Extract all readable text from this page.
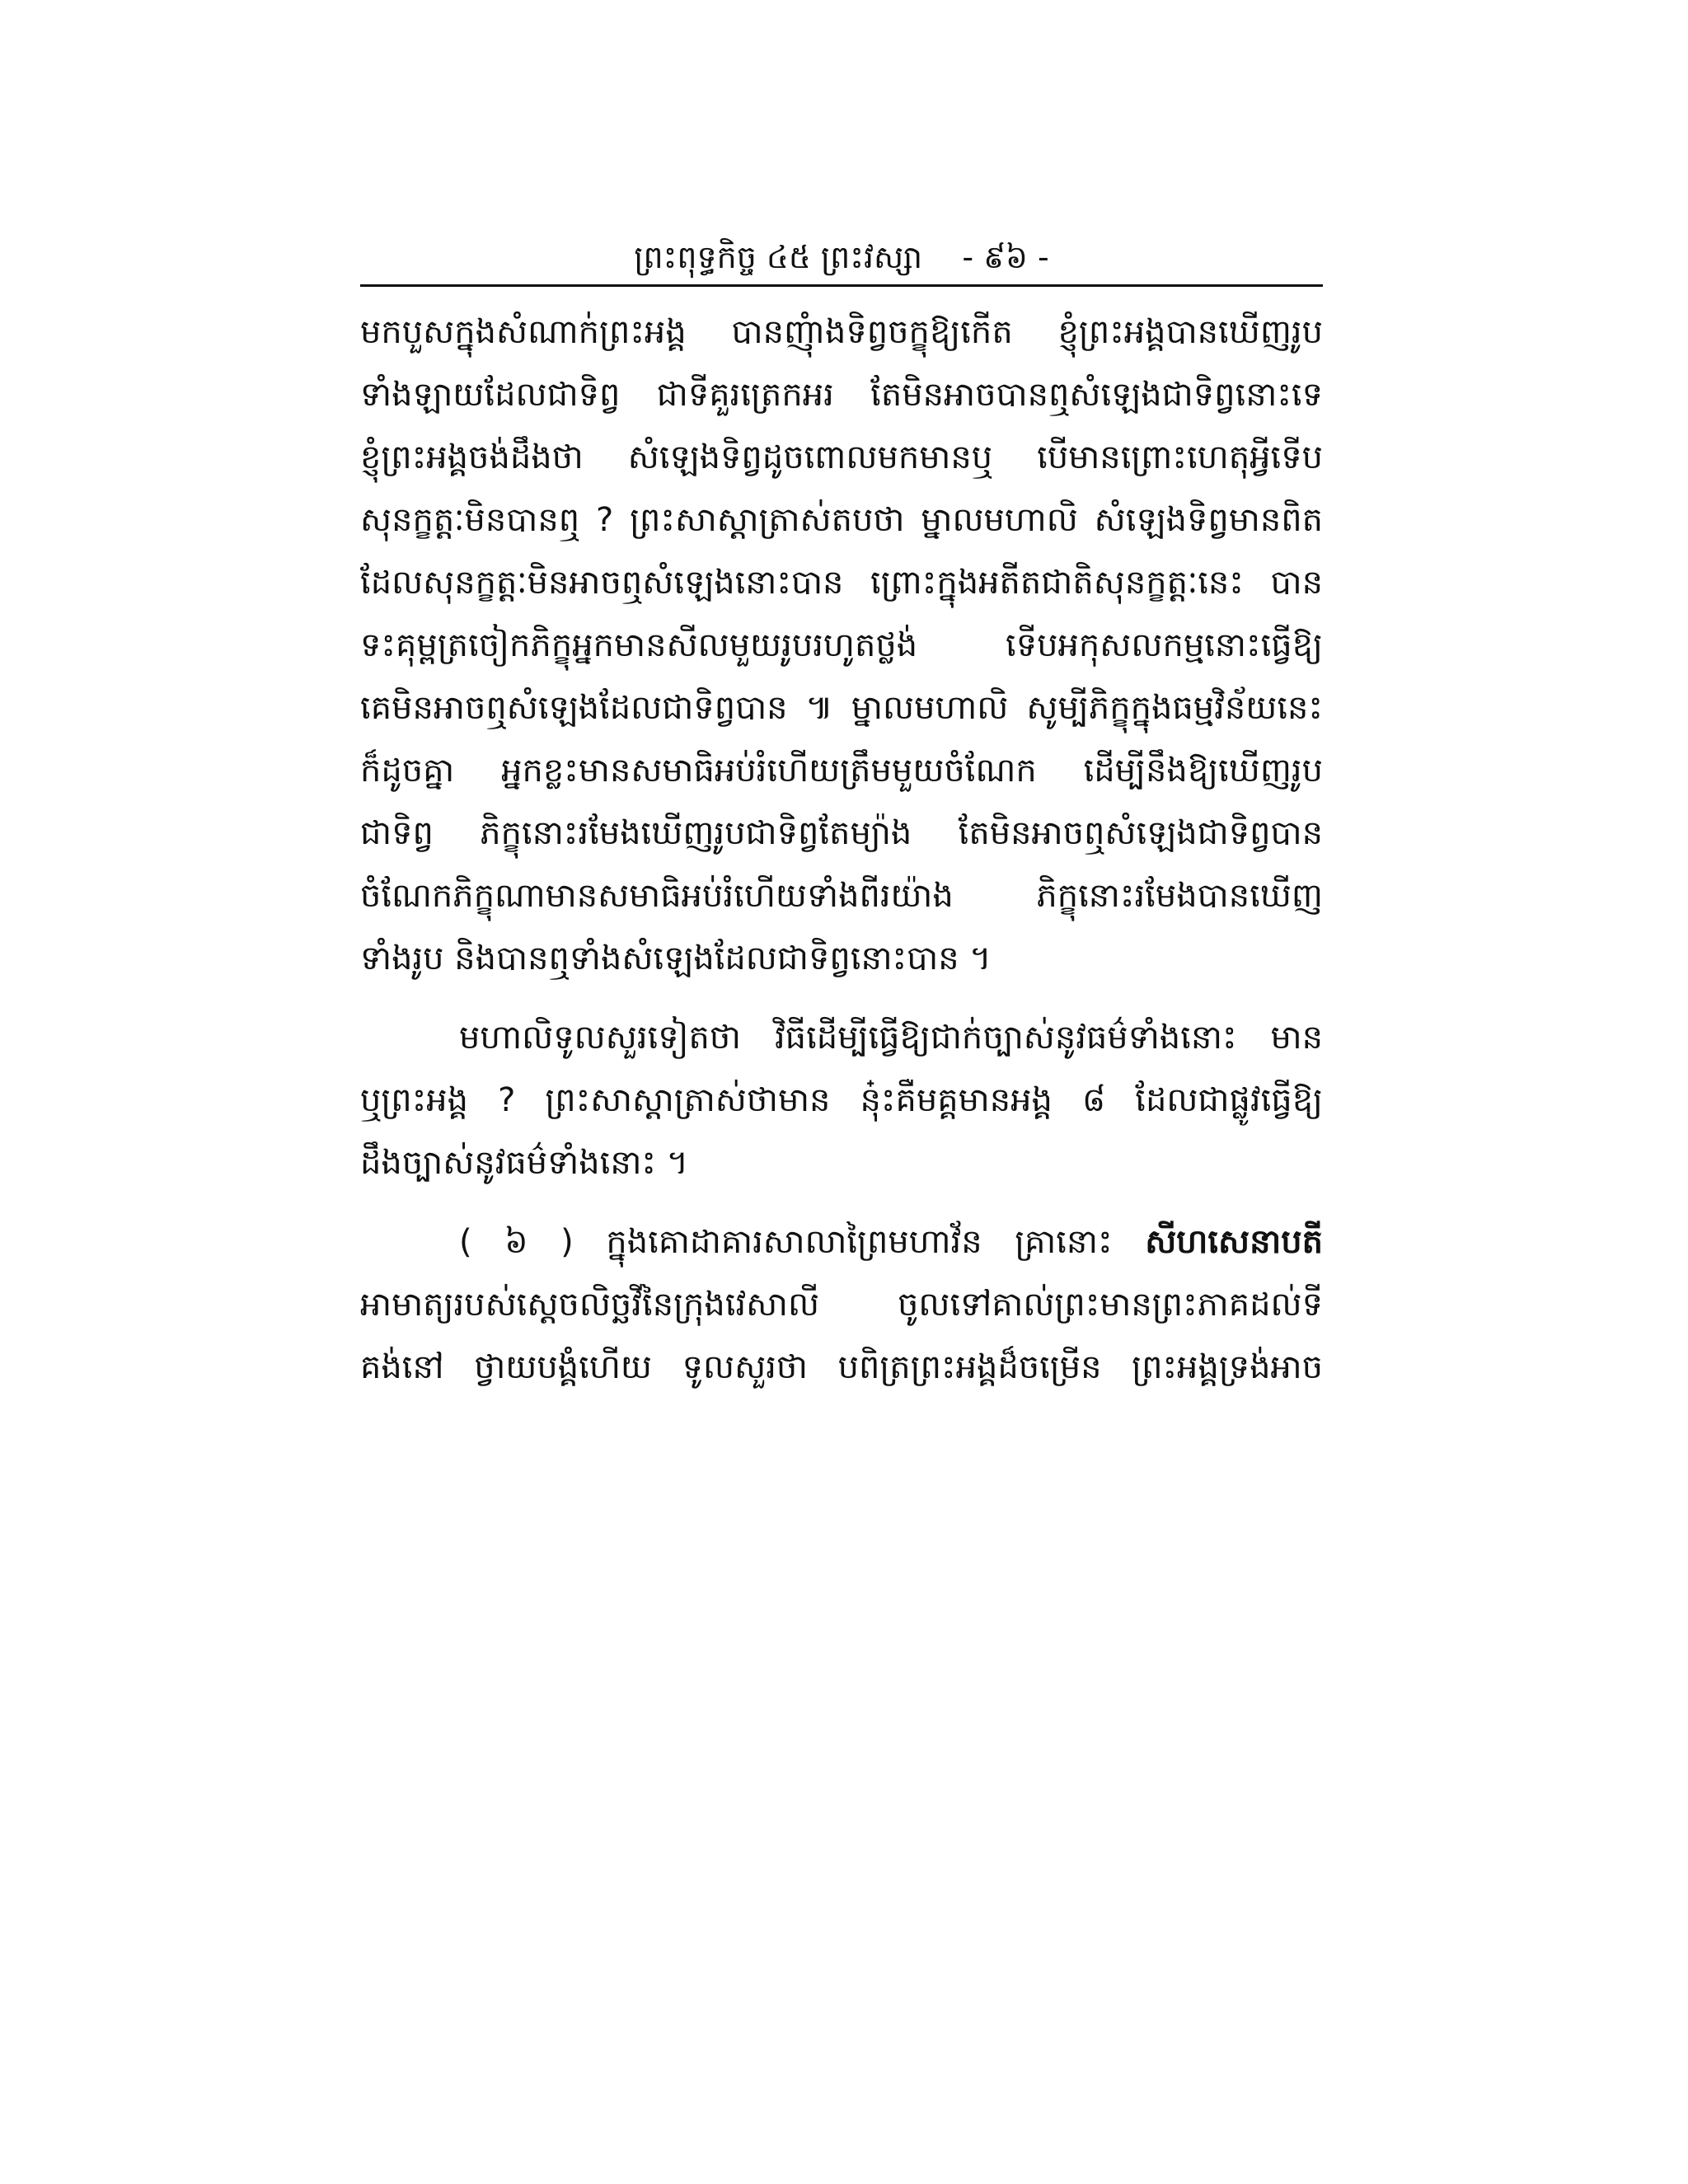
ព្រះពុទ្ធកិច្ច ៤៥ ព្រះវស្សា - ៩៦ -
មកបួសក្នុងសំណាក់ព្រះអង្គ បានញុំាងទិព្វចក្ខុឱ្យកើត ខ្ញុំព្រះអង្គបានឃើញរូប
ទាំងឡាយដែលជាទិព្វ ជាទីគួរត្រេកអរ តែមិនអាចបានឮសំឡេងជាទិព្វនោះទេ
ខ្ញុំព្រះអង្គចង់ដឹងថា សំឡេងទិព្វដូចពោលមកមានឬ បើមានព្រោះហេតុអ្វីទើប
សុនក្ខត្តៈមិនបានឮ ? ព្រះសាស្តាត្រាស់តបថា ម្នាលមហាលិ សំឡេងទិព្វមានពិត
ដែលសុនក្ខត្តៈមិនអាចឮសំឡេងនោះបាន ព្រោះក្នុងអតីតជាតិសុនក្ខត្តៈនេះ បាន
ទះគុម្ពត្រចៀកភិក្ខុអ្នកមានសីលមួយរូបរហូតថ្លង់ ទើបអកុសលកម្មនោះធ្វើឱ្យ
គេមិនអាចឮសំឡេងដែលជាទិព្វបាន ៕ ម្នាលមហាលិ សូម្បីភិក្ខុក្នុងធម្មវិន័យនេះ
ក៏ដូចគ្នា អ្នកខ្លះមានសមាធិអប់រំហើយត្រឹមមួយចំណែក ដើម្បីនឹងឱ្យឃើញរូប
ជាទិព្វ ភិក្ខុនោះរមែងឃើញរូបជាទិព្វតែម្យ៉ាង តែមិនអាចឮសំឡេងជាទិព្វបាន
ចំណែកភិក្ខុណាមានសមាធិអប់រំហើយទាំងពីរយ៉ាង ភិក្ខុនោះរមែងបានឃើញ
ទាំងរូប និងបានឮទាំងសំឡេងដែលជាទិព្វនោះបាន ។
មហាលិទូលសួរទៀតថា វិធីដើម្បីធ្វើឱ្យជាក់ច្បាស់នូវធម៌ទាំងនោះ មាន
ឬព្រះអង្គ ? ព្រះសាស្តាត្រាស់ថាមាន នុ៎ះគឺមគ្គមានអង្គ ៨ ដែលជាផ្លូវធ្វើឱ្យ
ដឹងច្បាស់នូវធម៌ទាំងនោះ ។
( ៦ ) ក្នុងគោដាគារសាលាព្រៃមហាវ័ន គ្រានោះ សីហសេនាបតី
អាមាត្យរបស់ស្តេចលិច្ឆវីនៃក្រុងវេសាលី ចូលទៅគាល់ព្រះមានព្រះភាគដល់ទី
គង់នៅ ថ្វាយបង្គំហើយ ទូលសួរថា បពិត្រព្រះអង្គដ៏ចម្រើន ព្រះអង្គទ្រង់អាច
